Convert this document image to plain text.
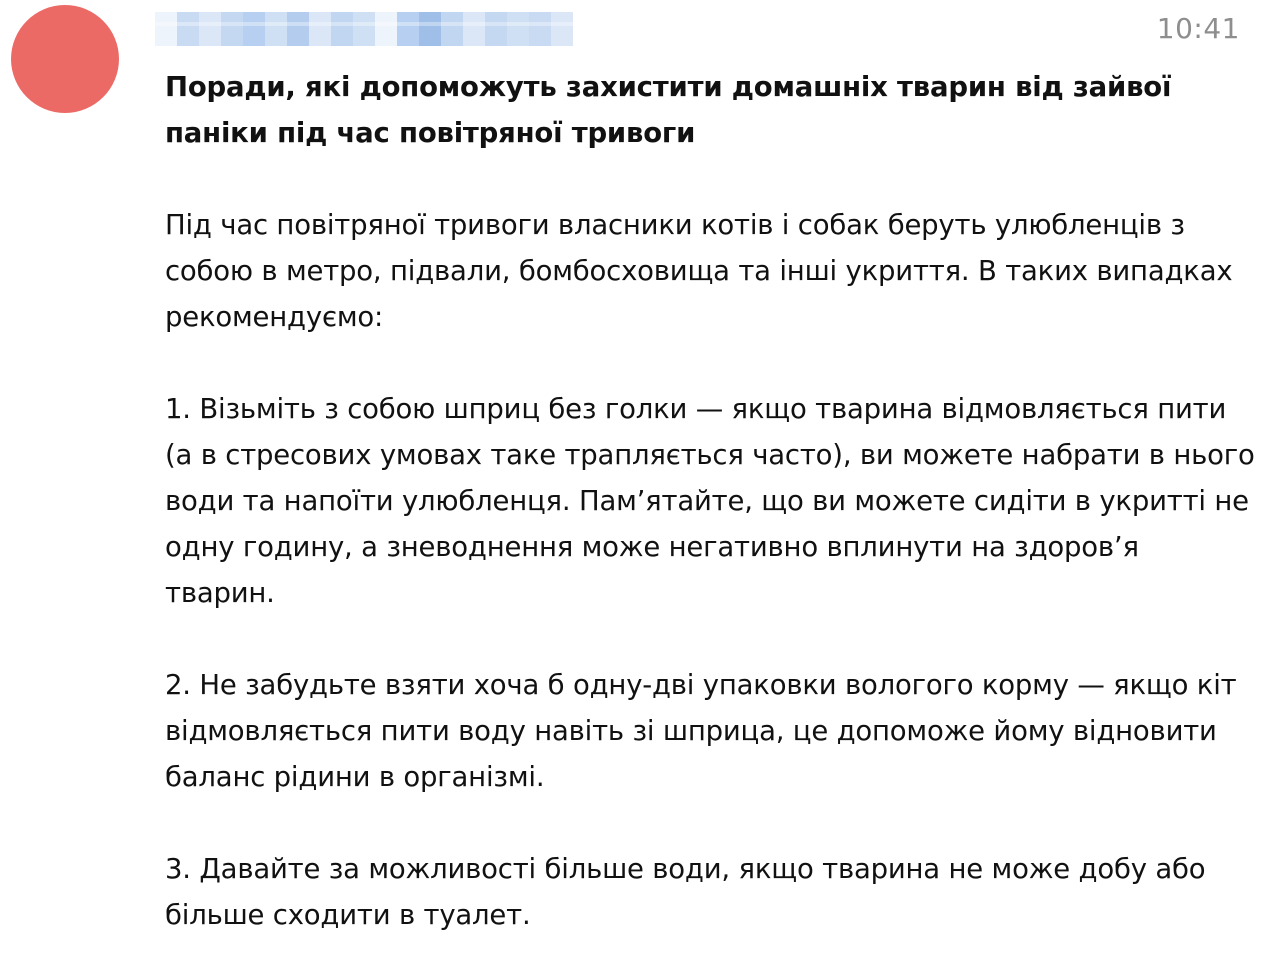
10:41

Поради, які допоможуть захистити домашніх тварин від зайвої паніки під час повітряної тривоги

Під час повітряної тривоги власники котів і собак беруть улюбленців з собою в метро, підвали, бомбосховища та інші укриття. В таких випадках рекомендуємо:

1. Візьміть з собою шприц без голки — якщо тварина відмовляється пити (а в стресових умовах таке трапляється часто), ви можете набрати в нього води та напоїти улюбленця. Пам’ятайте, що ви можете сидіти в укритті не одну годину, а зневоднення може негативно вплинути на здоров’я тварин.

2. Не забудьте взяти хоча б одну-дві упаковки вологого корму — якщо кіт відмовляється пити воду навіть зі шприца, це допоможе йому відновити баланс рідини в організмі.

3. Давайте за можливості більше води, якщо тварина не може добу або більше сходити в туалет.
